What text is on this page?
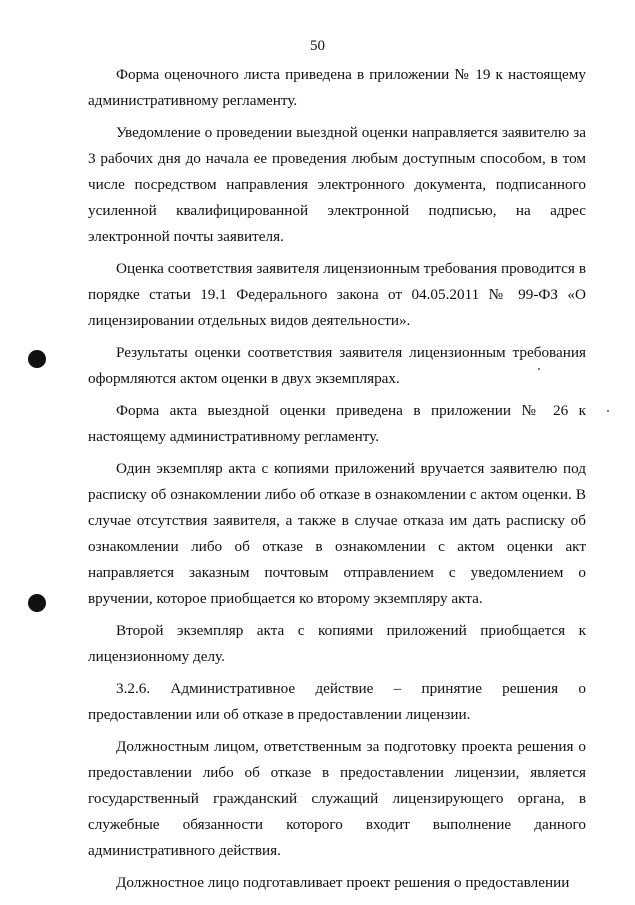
50

Форма оценочного листа приведена в приложении № 19 к настоящему административному регламенту.

Уведомление о проведении выездной оценки направляется заявителю за 3 рабочих дня до начала ее проведения любым доступным способом, в том числе посредством направления электронного документа, подписанного усиленной квалифицированной электронной подписью, на адрес электронной почты заявителя.

Оценка соответствия заявителя лицензионным требования проводится в порядке статьи 19.1 Федерального закона от 04.05.2011 № 99-ФЗ «О лицензировании отдельных видов деятельности».

Результаты оценки соответствия заявителя лицензионным требования оформляются актом оценки в двух экземплярах.

Форма акта выездной оценки приведена в приложении № 26 к настоящему административному регламенту.

Один экземпляр акта с копиями приложений вручается заявителю под расписку об ознакомлении либо об отказе в ознакомлении с актом оценки. В случае отсутствия заявителя, а также в случае отказа им дать расписку об ознакомлении либо об отказе в ознакомлении с актом оценки акт направляется заказным почтовым отправлением с уведомлением о вручении, которое приобщается ко второму экземпляру акта.

Второй экземпляр акта с копиями приложений приобщается к лицензионному делу.

3.2.6. Административное действие – принятие решения о предоставлении или об отказе в предоставлении лицензии.

Должностным лицом, ответственным за подготовку проекта решения о предоставлении либо об отказе в предоставлении лицензии, является государственный гражданский служащий лицензирующего органа, в служебные обязанности которого входит выполнение данного административного действия.

Должностное лицо подготавливает проект решения о предоставлении
